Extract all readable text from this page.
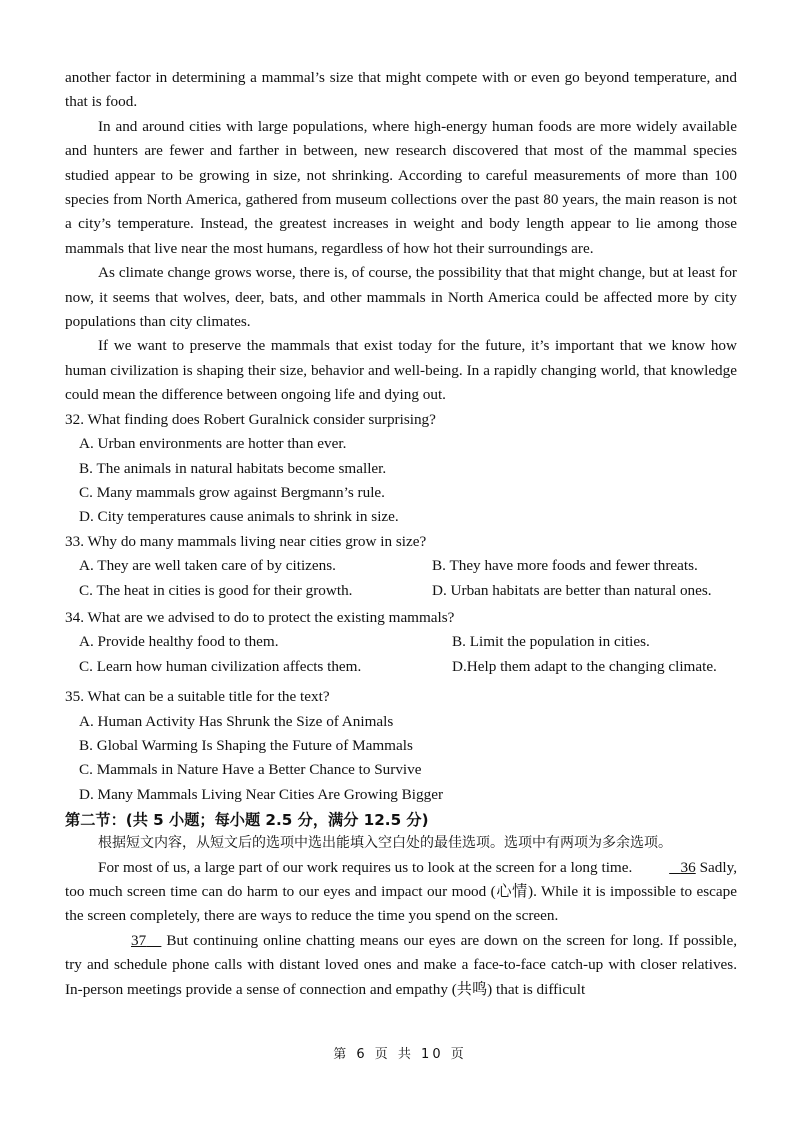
another factor in determining a mammal’s size that might compete with or even go beyond temperature, and that is food.

In and around cities with large populations, where high-energy human foods are more widely available and hunters are fewer and farther in between, new research discovered that most of the mammal species studied appear to be growing in size, not shrinking. According to careful measurements of more than 100 species from North America, gathered from museum collections over the past 80 years, the main reason is not a city’s temperature. Instead, the greatest increases in weight and body length appear to lie among those mammals that live near the most humans, regardless of how hot their surroundings are.

As climate change grows worse, there is, of course, the possibility that that might change, but at least for now, it seems that wolves, deer, bats, and other mammals in North America could be affected more by city populations than city climates.

If we want to preserve the mammals that exist today for the future, it’s important that we know how human civilization is shaping their size, behavior and well-being. In a rapidly changing world, that knowledge could mean the difference between ongoing life and dying out.

32. What finding does Robert Guralnick consider surprising?

A. Urban environments are hotter than ever.

B. The animals in natural habitats become smaller.

C. Many mammals grow against Bergmann’s rule.

D. City temperatures cause animals to shrink in size.

33. Why do many mammals living near cities grow in size?

A. They are well taken care of by citizens.	B. They have more foods and fewer threats.
C. The heat in cities is good for their growth.	D. Urban habitats are better than natural ones.

34. What are we advised to do to protect the existing mammals?

A. Provide healthy food to them.	B. Limit the population in cities.
C. Learn how human civilization affects them.	D.Help them adapt to the changing climate.

35. What can be a suitable title for the text?

A. Human Activity Has Shrunk the Size of Animals

B. Global Warming Is Shaping the Future of Mammals

C. Mammals in Nature Have a Better Chance to Survive

D. Many Mammals Living Near Cities Are Growing Bigger

第二节：(共 5 小题；每小题 2.5 分，满分 12.5 分)

根据短文内容，从短文后的选项中选出能填入空白处的最佳选项。选项中有两项为多余选项。

For most of us, a large part of our work requires us to look at the screen for a long time.	36 Sadly, too much screen time can do harm to our eyes and impact our mood (心情). While it is impossible to escape the screen completely, there are ways to reduce the time you spend on the screen.

37 But continuing online chatting means our eyes are down on the screen for long. If possible, try and schedule phone calls with distant loved ones and make a face-to-face catch-up with closer relatives. In-person meetings provide a sense of connection and empathy (共鸣) that is difficult

第 6 页 共 10 页
